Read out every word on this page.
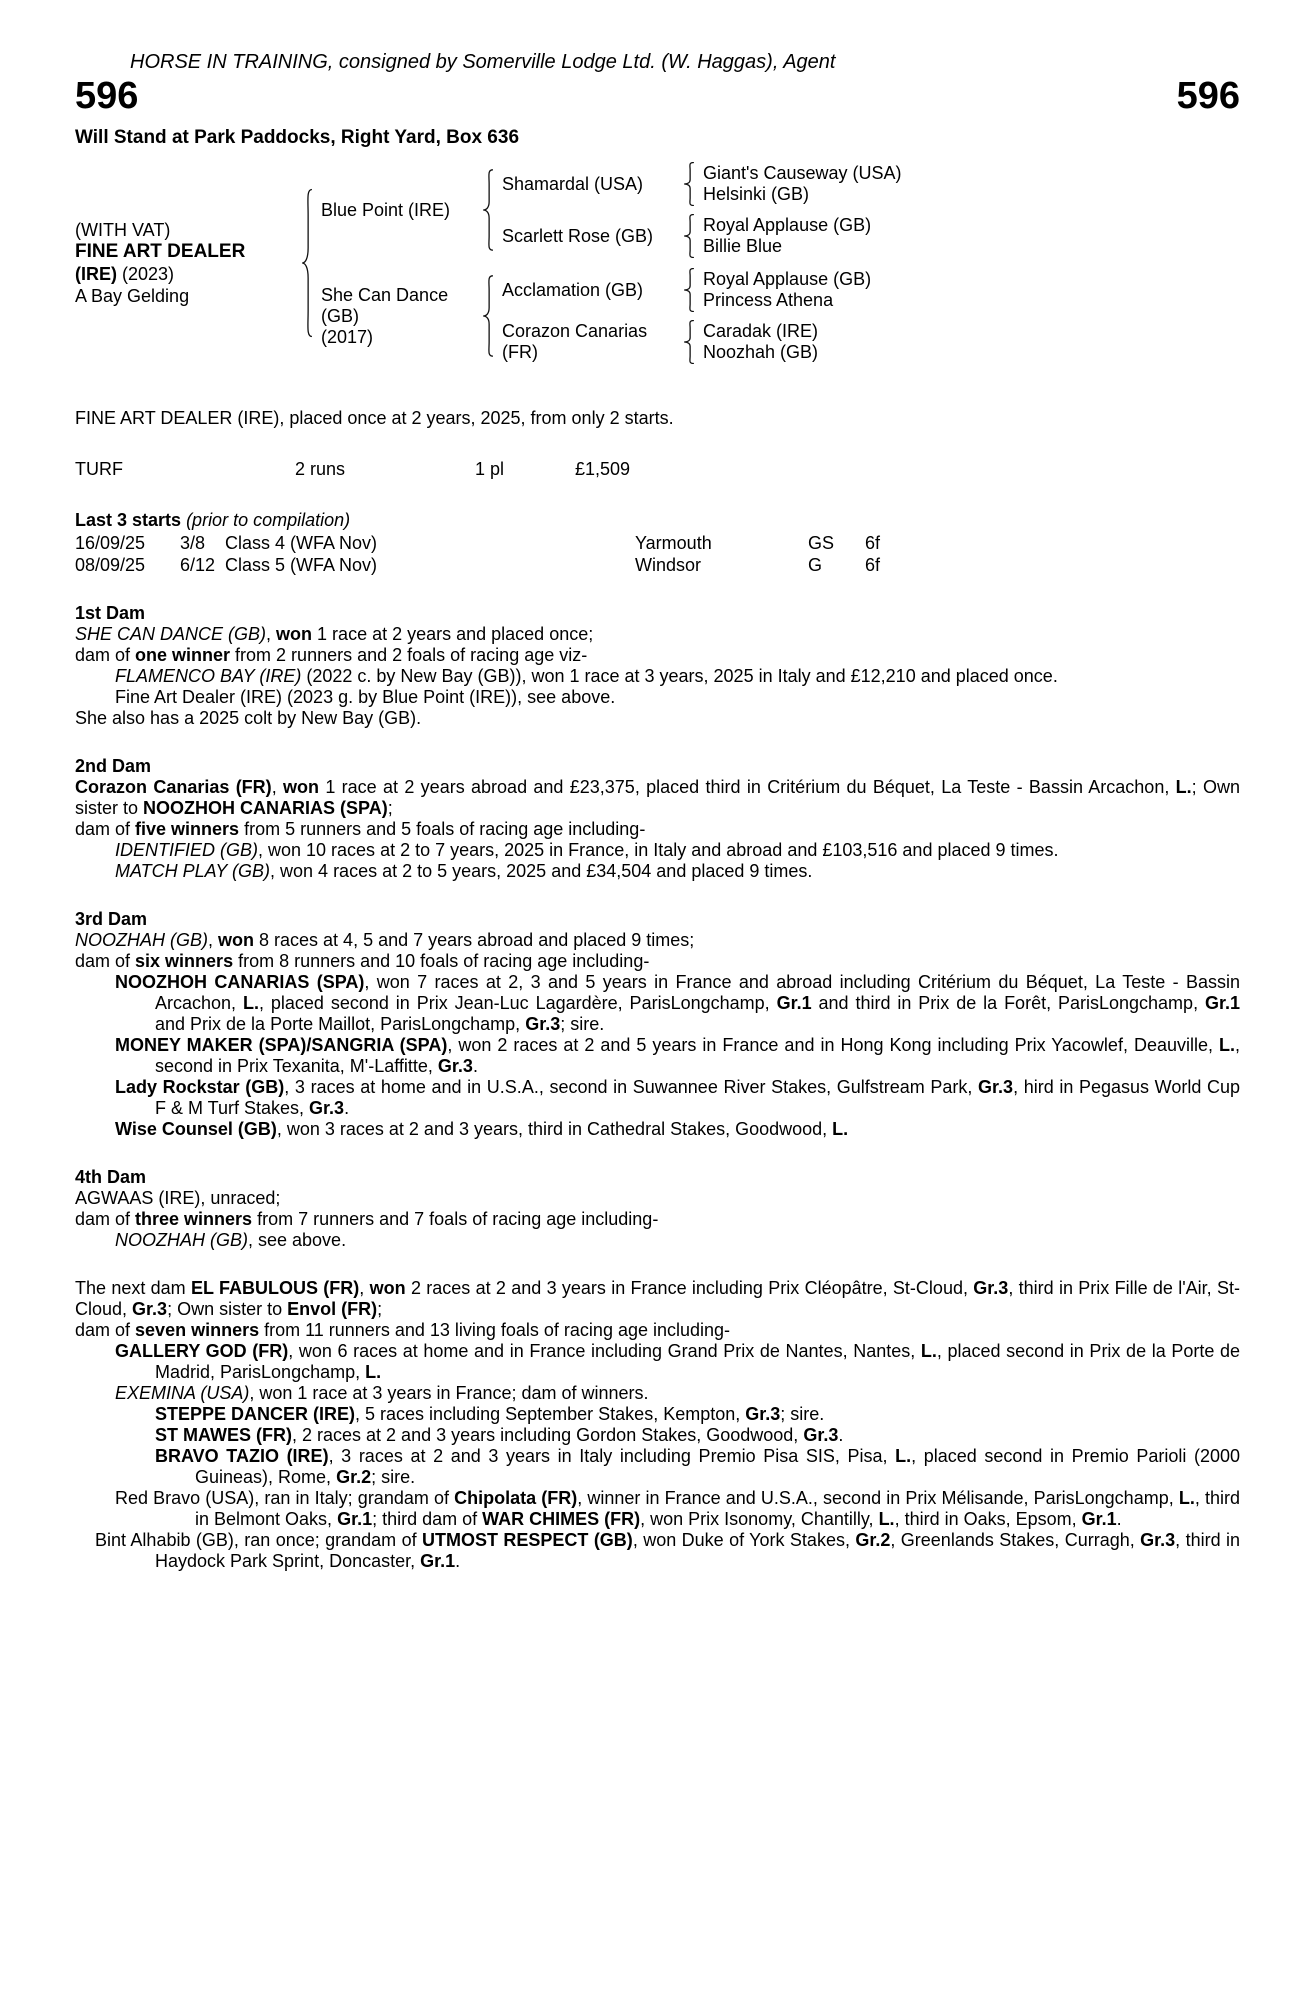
HORSE IN TRAINING, consigned by Somerville Lodge Ltd. (W. Haggas), Agent
596	596
Will Stand at Park Paddocks, Right Yard, Box 636
(WITH VAT)
FINE ART DEALER
(IRE) (2023)
A Bay Gelding
Blue Point (IRE)
Shamardal (USA)
Giant's Causeway (USA)
Helsinki (GB)
Scarlett Rose (GB)
Royal Applause (GB)
Billie Blue
She Can Dance
(GB)
(2017)
Acclamation (GB)
Royal Applause (GB)
Princess Athena
Corazon Canarias
(FR)
Caradak (IRE)
Noozhah (GB)
FINE ART DEALER (IRE), placed once at 2 years, 2025, from only 2 starts.
TURF	2 runs	1 pl	£1,509
Last 3 starts (prior to compilation)
16/09/25	3/8	Class 4 (WFA Nov)	Yarmouth	GS	6f
08/09/25	6/12	Class 5 (WFA Nov)	Windsor	G	6f
1st Dam

SHE CAN DANCE (GB), won 1 race at 2 years and placed once;

dam of one winner from 2 runners and 2 foals of racing age viz-

FLAMENCO BAY (IRE) (2022 c. by New Bay (GB)), won 1 race at 3 years, 2025 in Italy and £12,210 and placed once.

Fine Art Dealer (IRE) (2023 g. by Blue Point (IRE)), see above.

She also has a 2025 colt by New Bay (GB).

2nd Dam

Corazon Canarias (FR), won 1 race at 2 years abroad and £23,375, placed third in Critérium du Béquet, La Teste - Bassin Arcachon, L.; Own sister to NOOZHOH CANARIAS (SPA);

dam of five winners from 5 runners and 5 foals of racing age including-

IDENTIFIED (GB), won 10 races at 2 to 7 years, 2025 in France, in Italy and abroad and £103,516 and placed 9 times.

MATCH PLAY (GB), won 4 races at 2 to 5 years, 2025 and £34,504 and placed 9 times.

3rd Dam

NOOZHAH (GB), won 8 races at 4, 5 and 7 years abroad and placed 9 times;

dam of six winners from 8 runners and 10 foals of racing age including-

NOOZHOH CANARIAS (SPA), won 7 races at 2, 3 and 5 years in France and abroad including Critérium du Béquet, La Teste - Bassin Arcachon, L., placed second in Prix Jean-Luc Lagardère, ParisLongchamp, Gr.1 and third in Prix de la Forêt, ParisLongchamp, Gr.1 and Prix de la Porte Maillot, ParisLongchamp, Gr.3; sire.

MONEY MAKER (SPA)/SANGRIA (SPA), won 2 races at 2 and 5 years in France and in Hong Kong including Prix Yacowlef, Deauville, L., second in Prix Texanita, M'-Laffitte, Gr.3.

Lady Rockstar (GB), 3 races at home and in U.S.A., second in Suwannee River Stakes, Gulfstream Park, Gr.3, hird in Pegasus World Cup F & M Turf Stakes, Gr.3.

Wise Counsel (GB), won 3 races at 2 and 3 years, third in Cathedral Stakes, Goodwood, L.

4th Dam

AGWAAS (IRE), unraced;

dam of three winners from 7 runners and 7 foals of racing age including-

NOOZHAH (GB), see above.

The next dam EL FABULOUS (FR), won 2 races at 2 and 3 years in France including Prix Cléopâtre, St-Cloud, Gr.3, third in Prix Fille de l'Air, St-Cloud, Gr.3; Own sister to Envol (FR);

dam of seven winners from 11 runners and 13 living foals of racing age including-

GALLERY GOD (FR), won 6 races at home and in France including Grand Prix de Nantes, Nantes, L., placed second in Prix de la Porte de Madrid, ParisLongchamp, L.

EXEMINA (USA), won 1 race at 3 years in France; dam of winners.

STEPPE DANCER (IRE), 5 races including September Stakes, Kempton, Gr.3; sire.

ST MAWES (FR), 2 races at 2 and 3 years including Gordon Stakes, Goodwood, Gr.3.

BRAVO TAZIO (IRE), 3 races at 2 and 3 years in Italy including Premio Pisa SIS, Pisa, L., placed second in Premio Parioli (2000 Guineas), Rome, Gr.2; sire.

Red Bravo (USA), ran in Italy; grandam of Chipolata (FR), winner in France and U.S.A., second in Prix Mélisande, ParisLongchamp, L., third in Belmont Oaks, Gr.1; third dam of WAR CHIMES (FR), won Prix Isonomy, Chantilly, L., third in Oaks, Epsom, Gr.1.

Bint Alhabib (GB), ran once; grandam of UTMOST RESPECT (GB), won Duke of York Stakes, Gr.2, Greenlands Stakes, Curragh, Gr.3, third in Haydock Park Sprint, Doncaster, Gr.1.
